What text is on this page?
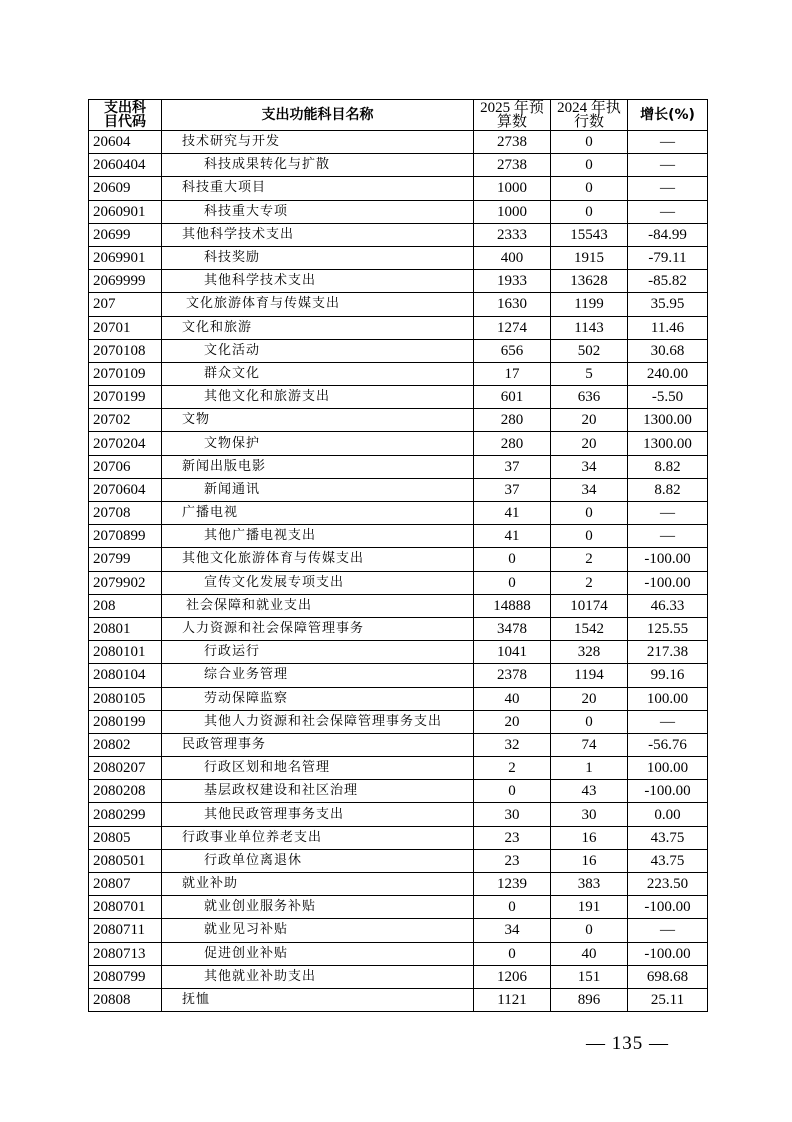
支出科目代码	支出功能科目名称	2025 年预算数	2024 年执行数	增长(%)
20604	技术研究与开发	2738	0	—
2060404	科技成果转化与扩散	2738	0	—
20609	科技重大项目	1000	0	—
2060901	科技重大专项	1000	0	—
20699	其他科学技术支出	2333	15543	-84.99
2069901	科技奖励	400	1915	-79.11
2069999	其他科学技术支出	1933	13628	-85.82
207	文化旅游体育与传媒支出	1630	1199	35.95
20701	文化和旅游	1274	1143	11.46
2070108	文化活动	656	502	30.68
2070109	群众文化	17	5	240.00
2070199	其他文化和旅游支出	601	636	-5.50
20702	文物	280	20	1300.00
2070204	文物保护	280	20	1300.00
20706	新闻出版电影	37	34	8.82
2070604	新闻通讯	37	34	8.82
20708	广播电视	41	0	—
2070899	其他广播电视支出	41	0	—
20799	其他文化旅游体育与传媒支出	0	2	-100.00
2079902	宣传文化发展专项支出	0	2	-100.00
208	社会保障和就业支出	14888	10174	46.33
20801	人力资源和社会保障管理事务	3478	1542	125.55
2080101	行政运行	1041	328	217.38
2080104	综合业务管理	2378	1194	99.16
2080105	劳动保障监察	40	20	100.00
2080199	其他人力资源和社会保障管理事务支出	20	0	—
20802	民政管理事务	32	74	-56.76
2080207	行政区划和地名管理	2	1	100.00
2080208	基层政权建设和社区治理	0	43	-100.00
2080299	其他民政管理事务支出	30	30	0.00
20805	行政事业单位养老支出	23	16	43.75
2080501	行政单位离退休	23	16	43.75
20807	就业补助	1239	383	223.50
2080701	就业创业服务补贴	0	191	-100.00
2080711	就业见习补贴	34	0	—
2080713	促进创业补贴	0	40	-100.00
2080799	其他就业补助支出	1206	151	698.68
20808	抚恤	1121	896	25.11
— 135 —
